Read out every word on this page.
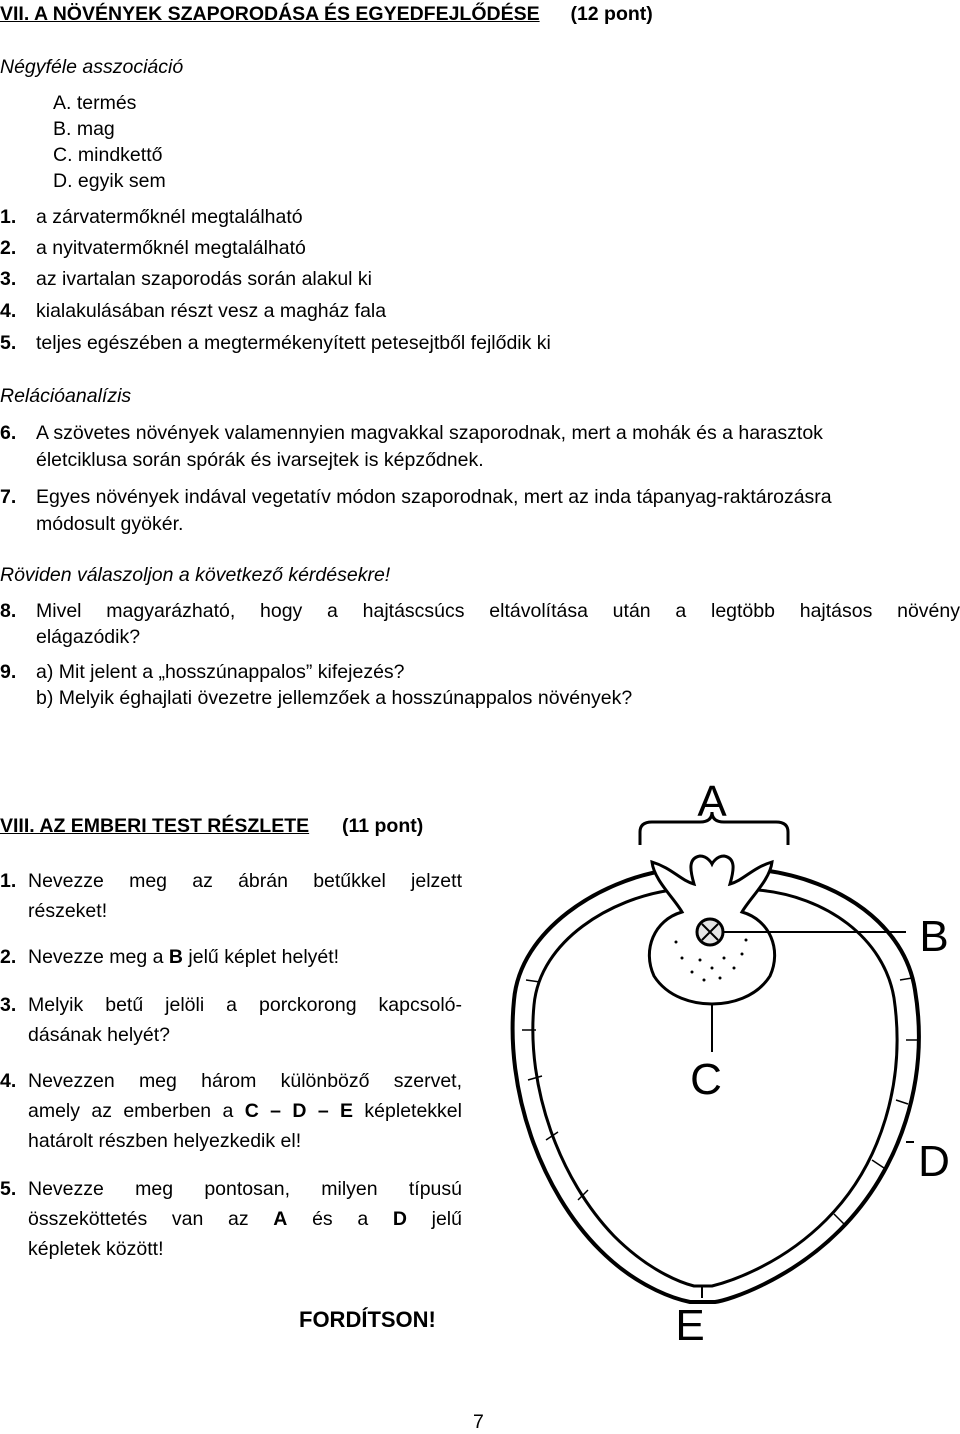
VII. A NÖVÉNYEK SZAPORODÁSA ÉS EGYEDFEJLŐDÉSE (12 pont)
Négyféle asszociáció
A. termés
B. mag
C. mindkettő
D. egyik sem
1. a zárvatermőknél megtalálható
2. a nyitvatermőknél megtalálható
3. az ivartalan szaporodás során alakul ki
4. kialakulásában részt vesz a magház fala
5. teljes egészében a megtermékenyített petesejtből fejlődik ki
Relációanalízis
6. A szövetes növények valamennyien magvakkal szaporodnak, mert a mohák és a harasztok
életciklusa során spórák és ivarsejtek is képződnek.
7. Egyes növények indával vegetatív módon szaporodnak, mert az inda tápanyag-raktározásra
módosult gyökér.
Röviden válaszoljon a következő kérdésekre!
8. Mivel magyarázható, hogy a hajtáscsúcs eltávolítása után a legtöbb hajtásos növény
elágazódik?
9. a) Mit jelent a „hosszúnappalos” kifejezés?
b) Melyik éghajlati övezetre jellemzőek a hosszúnappalos növények?
VIII. AZ EMBERI TEST RÉSZLETE (11 pont)
1. Nevezze meg az ábrán betűkkel jelzett
részeket!
2. Nevezze meg a B jelű képlet helyét!
3. Melyik betű jelöli a porckorong kapcsoló-
dásának helyét?
4. Nevezzen meg három különböző szervet,
amely az emberben a C – D – E képletekkel
határolt részben helyezkedik el!
5. Nevezze meg pontosan, milyen típusú
összeköttetés van az A és a D jelű
képletek között!
FORDÍTSON!
7
A
B
C
D
E
